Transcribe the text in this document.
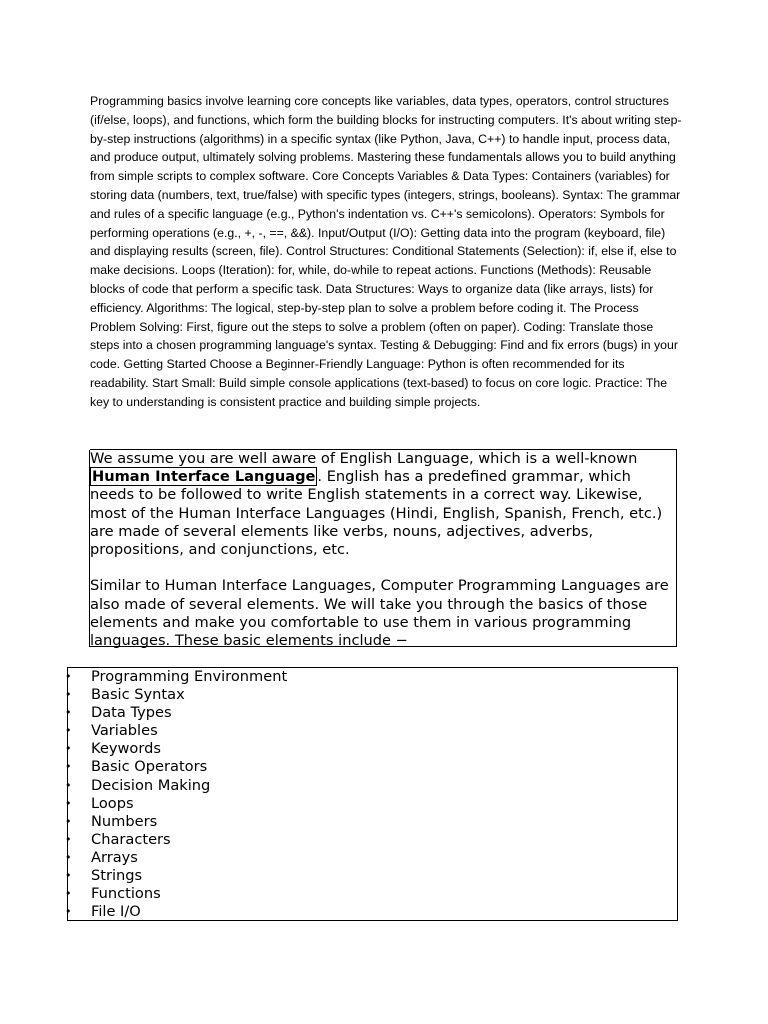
Programming basics involve learning core concepts like variables, data types, operators, control structures (if/else, loops), and functions, which form the building blocks for instructing computers. It's about writing step-by-step instructions (algorithms) in a specific syntax (like Python, Java, C++) to handle input, process data, and produce output, ultimately solving problems. Mastering these fundamentals allows you to build anything from simple scripts to complex software. Core Concepts Variables & Data Types: Containers (variables) for storing data (numbers, text, true/false) with specific types (integers, strings, booleans). Syntax: The grammar and rules of a specific language (e.g., Python's indentation vs. C++'s semicolons). Operators: Symbols for performing operations (e.g., +, -, ==, &&). Input/Output (I/O): Getting data into the program (keyboard, file) and displaying results (screen, file). Control Structures: Conditional Statements (Selection): if, else if, else to make decisions. Loops (Iteration): for, while, do-while to repeat actions. Functions (Methods): Reusable blocks of code that perform a specific task. Data Structures: Ways to organize data (like arrays, lists) for efficiency. Algorithms: The logical, step-by-step plan to solve a problem before coding it. The Process Problem Solving: First, figure out the steps to solve a problem (often on paper). Coding: Translate those steps into a chosen programming language's syntax. Testing & Debugging: Find and fix errors (bugs) in your code. Getting Started Choose a Beginner-Friendly Language: Python is often recommended for its readability. Start Small: Build simple console applications (text-based) to focus on core logic. Practice: The key to understanding is consistent practice and building simple projects.

We assume you are well aware of English Language, which is a well-known Human Interface Language . English has a predefined grammar, which needs to be followed to write English statements in a correct way. Likewise, most of the Human Interface Languages (Hindi, English, Spanish, French, etc.) are made of several elements like verbs, nouns, adjectives, adverbs, propositions, and conjunctions, etc.

Similar to Human Interface Languages, Computer Programming Languages are also made of several elements. We will take you through the basics of those elements and make you comfortable to use them in various programming languages. These basic elements include −

• Programming Environment
• Basic Syntax
• Data Types
• Variables
• Keywords
• Basic Operators
• Decision Making
• Loops
• Numbers
• Characters
• Arrays
• Strings
• Functions
• File I/O
